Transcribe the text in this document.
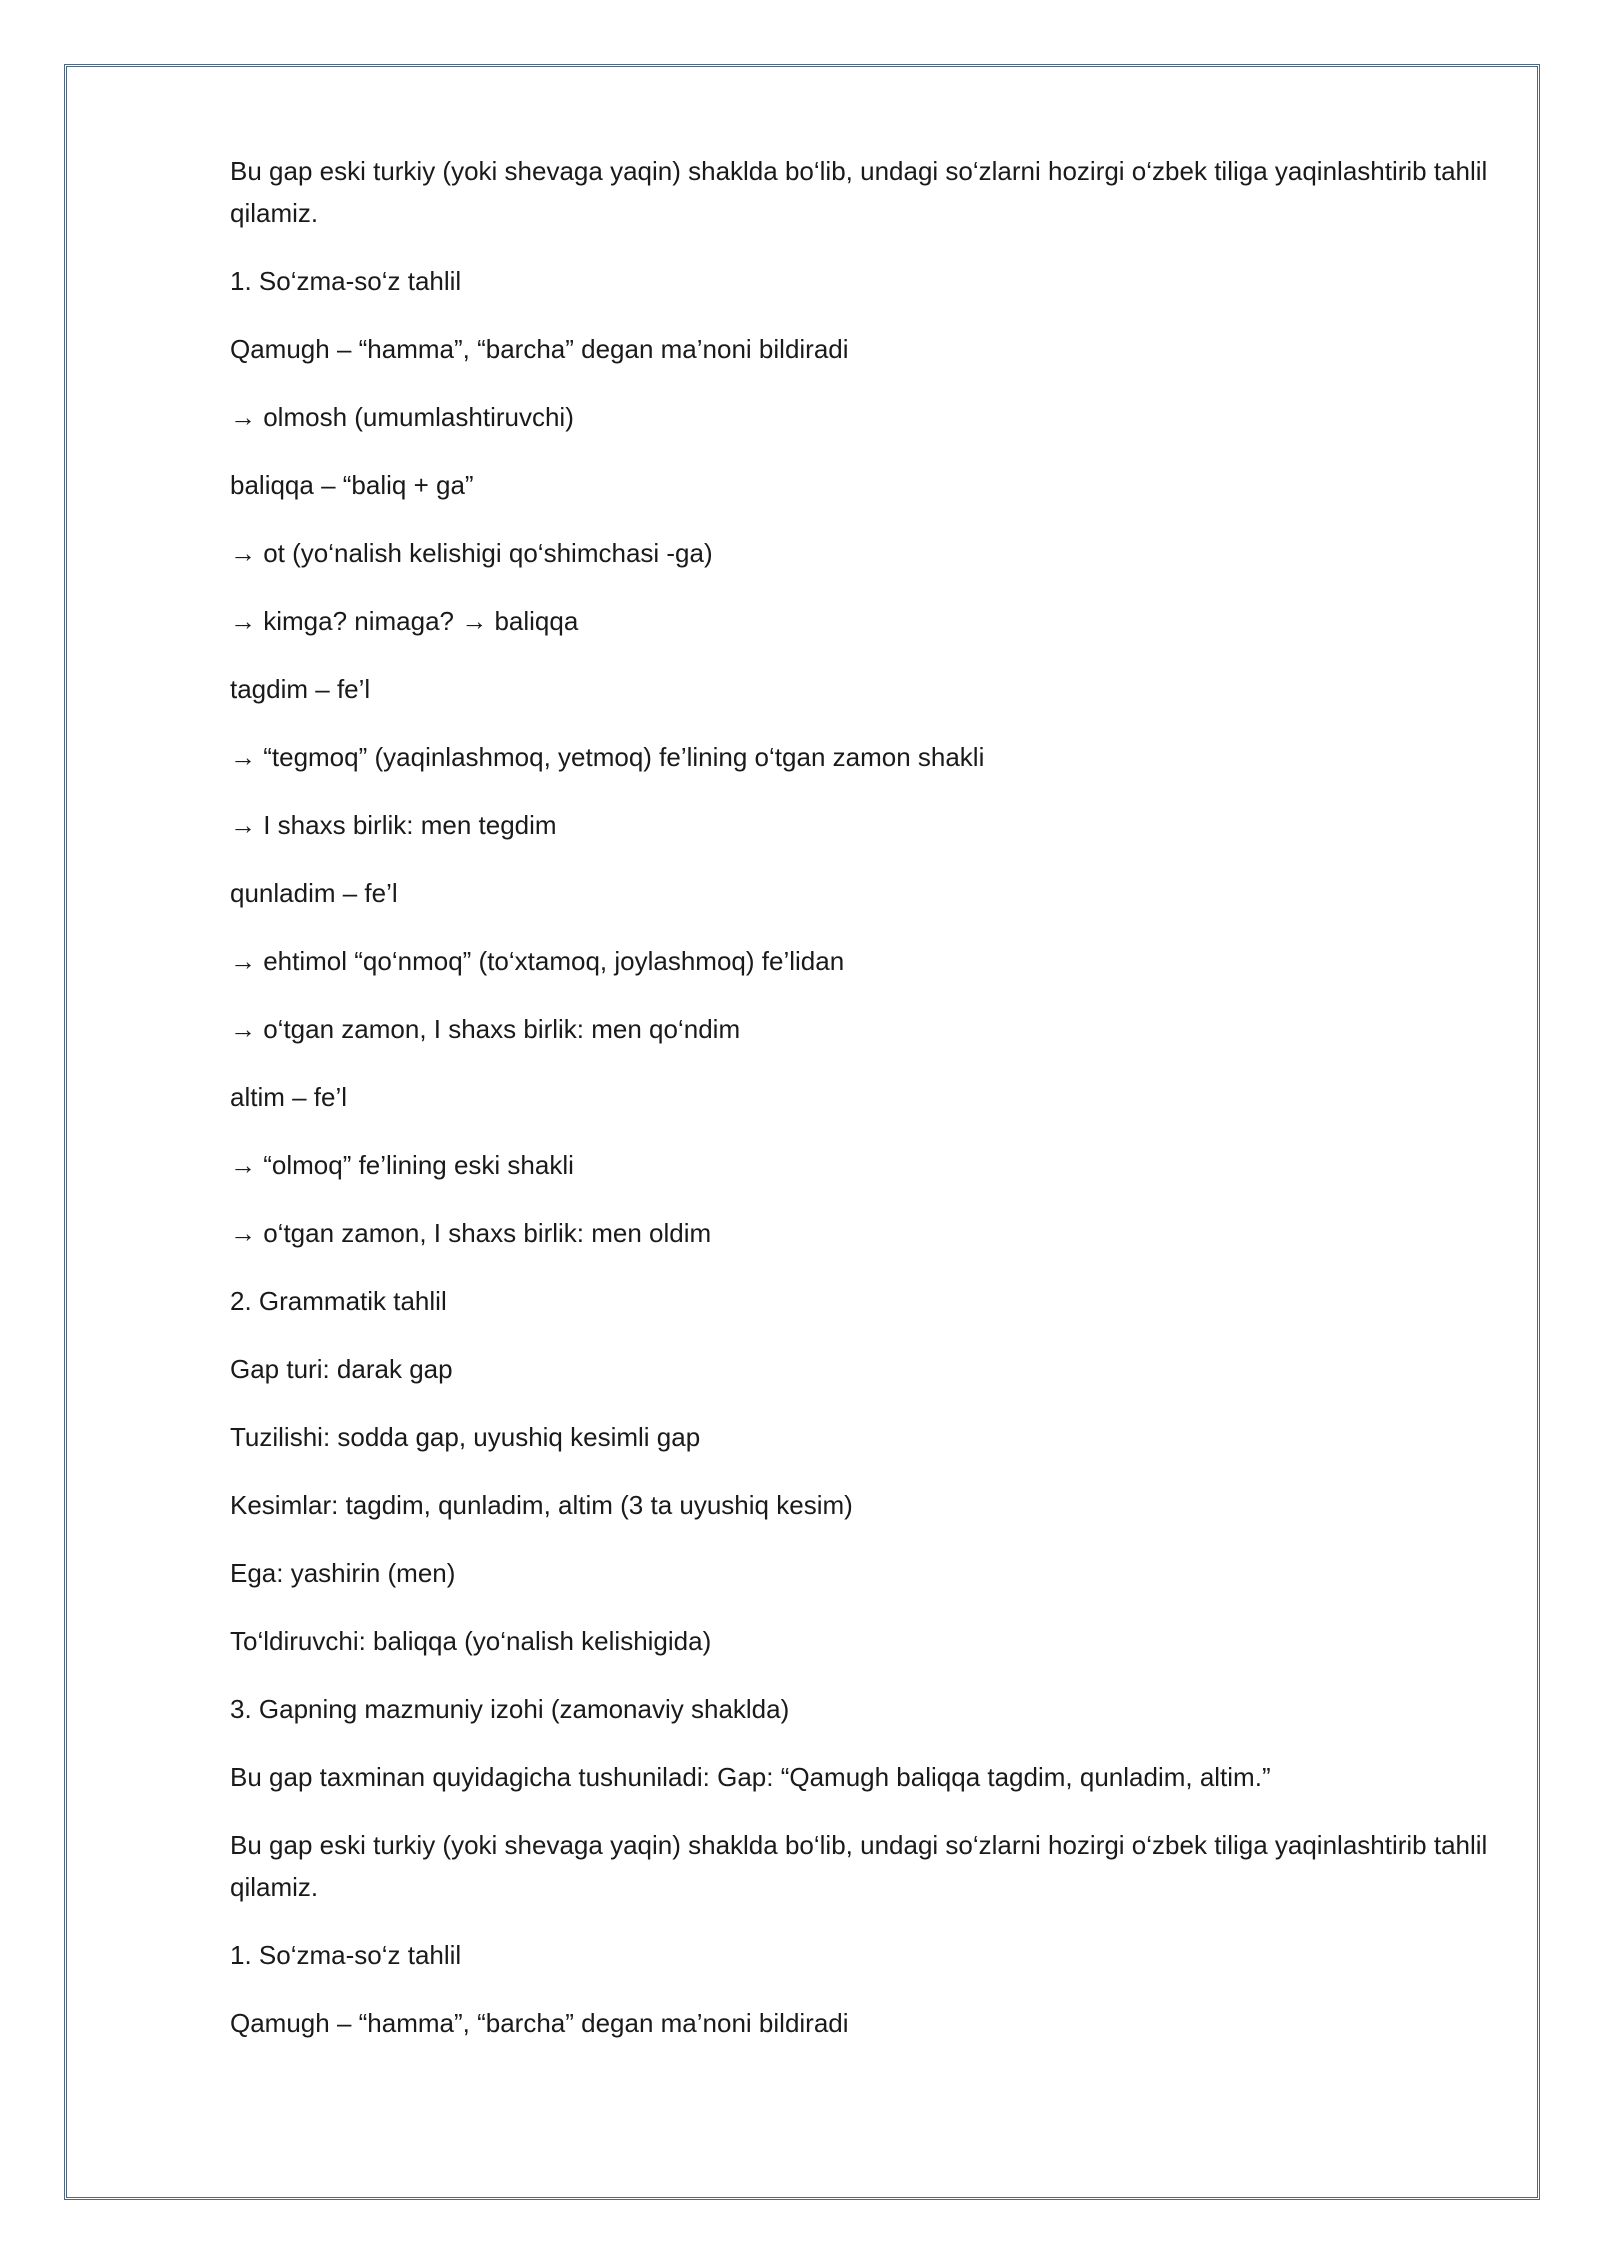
Bu gap eski turkiy (yoki shevaga yaqin) shaklda bo‘lib, undagi so‘zlarni hozirgi o‘zbek tiliga yaqinlashtirib tahlil qilamiz.

1. So‘zma-so‘z tahlil

Qamugh – “hamma”, “barcha” degan ma’noni bildiradi

→ olmosh (umumlashtiruvchi)

baliqqa – “baliq + ga”

→ ot (yo‘nalish kelishigi qo‘shimchasi -ga)

→ kimga? nimaga? → baliqqa

tagdim – fe’l

→ “tegmoq” (yaqinlashmoq, yetmoq) fe’lining o‘tgan zamon shakli

→ I shaxs birlik: men tegdim

qunladim – fe’l

→ ehtimol “qo‘nmoq” (to‘xtamoq, joylashmoq) fe’lidan

→ o‘tgan zamon, I shaxs birlik: men qo‘ndim

altim – fe’l

→ “olmoq” fe’lining eski shakli

→ o‘tgan zamon, I shaxs birlik: men oldim

2. Grammatik tahlil

Gap turi: darak gap

Tuzilishi: sodda gap, uyushiq kesimli gap

Kesimlar: tagdim, qunladim, altim (3 ta uyushiq kesim)

Ega: yashirin (men)

To‘ldiruvchi: baliqqa (yo‘nalish kelishigida)

3. Gapning mazmuniy izohi (zamonaviy shaklda)

Bu gap taxminan quyidagicha tushuniladi: Gap: “Qamugh baliqqa tagdim, qunladim, altim.”

Bu gap eski turkiy (yoki shevaga yaqin) shaklda bo‘lib, undagi so‘zlarni hozirgi o‘zbek tiliga yaqinlashtirib tahlil qilamiz.

1. So‘zma-so‘z tahlil

Qamugh – “hamma”, “barcha” degan ma’noni bildiradi
